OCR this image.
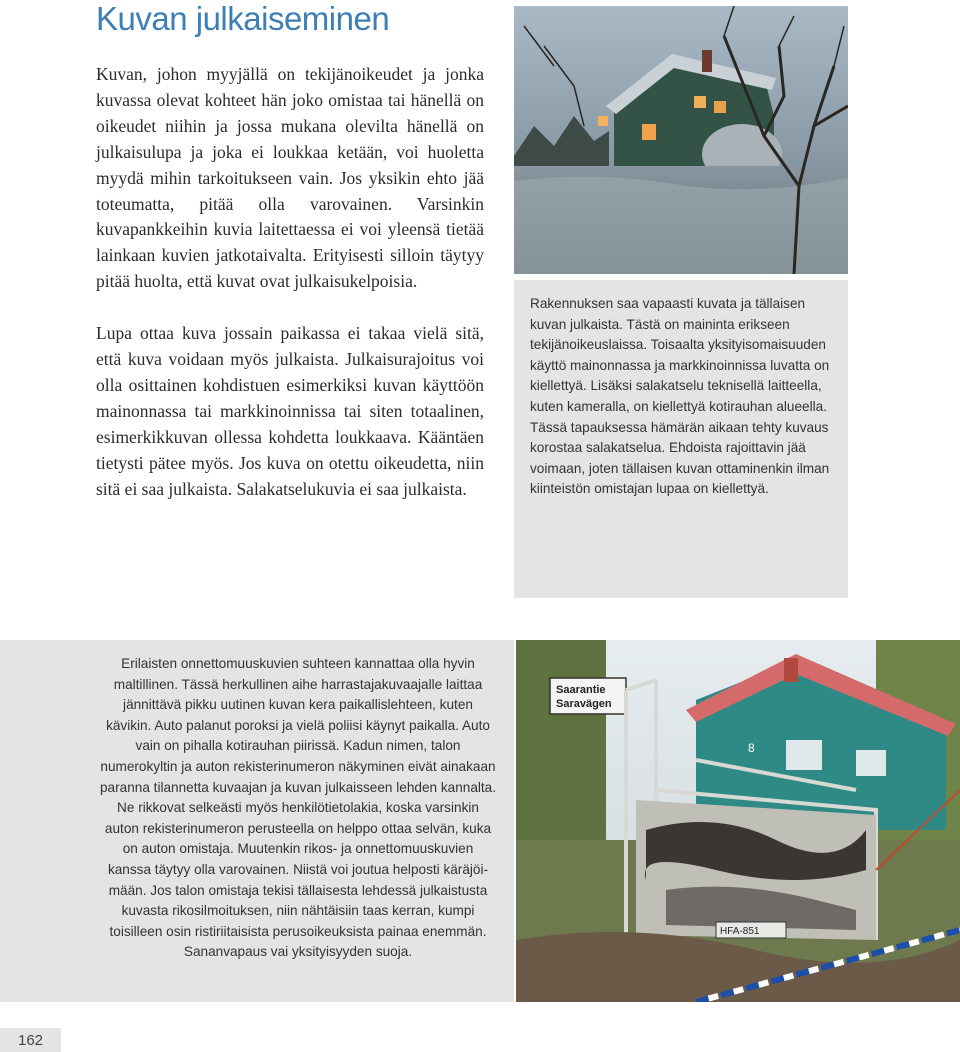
Kuvan julkaiseminen

Kuvan, johon myyjällä on tekijänoikeudet ja jonka kuvassa olevat kohteet hän joko omistaa tai hänellä on oikeudet niihin ja jossa mukana olevilta hänellä on julkaisulupa ja joka ei loukkaa ketään, voi huoletta myydä mihin tarkoitukseen vain. Jos yksikin ehto jää toteumatta, pitää olla varovainen. Varsinkin kuvapankkeihin kuvia laitettaessa ei voi yleensä tietää lainkaan kuvien jatkotaivalta. Erityisesti silloin täytyy pitää huolta, että kuvat ovat julkaisukelpoisia.

Lupa ottaa kuva jossain paikassa ei takaa vielä sitä, että kuva voidaan myös julkaista. Julkaisurajoitus voi olla osittainen kohdistuen esimerkiksi kuvan käyttöön mainonnassa tai markkinoinnissa tai siten totaalinen, esimerkikkuvan ollessa kohdetta loukkaava. Kääntäen tietysti pätee myös. Jos kuva on otettu oikeudetta, niin sitä ei saa julkaista. Salakatselukuvia ei saa julkaista.

Rakennuksen saa vapaasti kuvata ja tällaisen kuvan julkaista. Tästä on maininta erikseen tekijänoikeuslaissa. Toisaalta yksityisomaisuuden käyttö mainonnassa ja markkinoinnissa luvatta on kiellettyä. Lisäksi salakatselu teknisellä laitteella, kuten kameralla, on kiellettyä kotirauhan alueella. Tässä tapauksessa hämärän aikaan tehty kuvaus korostaa salakatselua. Ehdoista rajoittavin jää voimaan, joten tällaisen kuvan ottaminenkin ilman kiinteistön omistajan lupaa on kiellettyä.
Erilaisten onnettomuuskuvien suhteen kannattaa olla hyvin maltillinen. Tässä herkullinen aihe harrastajakuvaajalle laittaa jännittävä pikku uutinen kuvan kera paikallislehteen, kuten kävikin. Auto palanut poroksi ja vielä poliisi käynyt paikalla. Auto vain on pihalla kotirauhan piirissä. Kadun nimen, talon numerokyltin ja auton rekisterinumeron näkyminen eivät ainakaan paranna tilannetta kuvaajan ja kuvan julkaisseen lehden kannalta. Ne rikkovat selkeästi myös henkilötietolakia, koska varsinkin auton rekisterinumeron perusteella on helppo ottaa selvän, kuka on auton omistaja. Muutenkin rikos- ja onnettomuuskuvien kanssa täytyy olla varovainen. Niistä voi joutua helposti käräjöimään. Jos talon omistaja tekisi tällaisesta lehdessä julkaistusta kuvasta rikosilmoituksen, niin nähtäisiin taas kerran, kumpi toisilleen osin ristiriitaisista perusoikeuksista painaa enemmän. Sananvapaus vai yksityisyyden suoja.
Saarantie
Saravägen
8
HFA-851
162
